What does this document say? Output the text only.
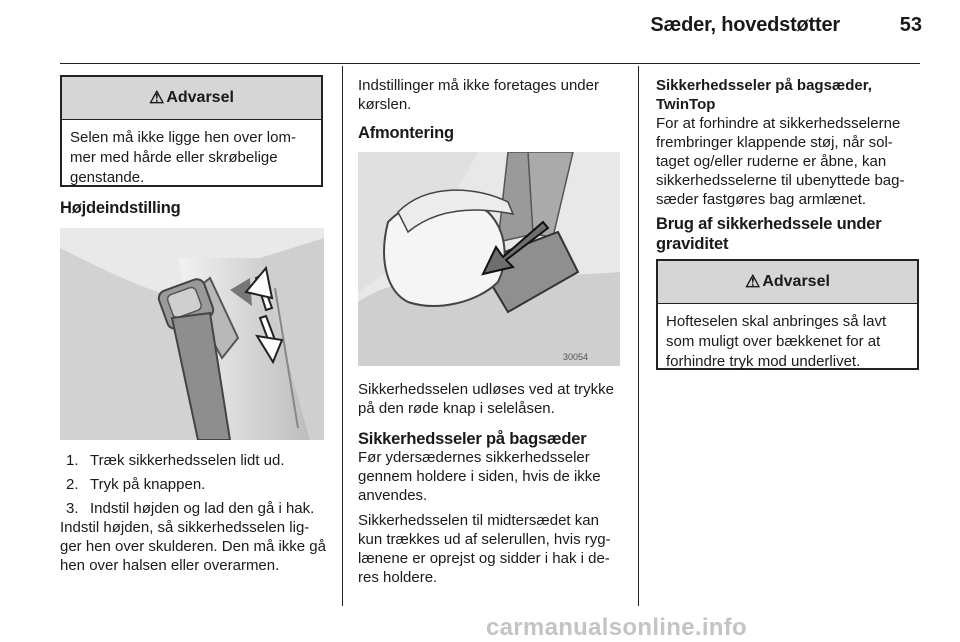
Sæder, hovedstøtter	53
⚠ Advarsel
Selen må ikke ligge hen over lom-mer med hårde eller skrøbelige genstande.
Højdeindstilling
1. Træk sikkerhedsselen lidt ud.
2. Tryk på knappen.
3. Indstil højden og lad den gå i hak.

Indstil højden, så sikkerhedsselen lig-ger hen over skulderen. Den må ikke gå hen over halsen eller overarmen.

Indstillinger må ikke foretages under kørslen.

Afmontering
30054

Sikkerhedsselen udløses ved at trykke på den røde knap i selelåsen.

Sikkerhedsseler på bagsæder

Før ydersædernes sikkerhedsseler gennem holdere i siden, hvis de ikke anvendes.

Sikkerhedsselen til midtersædet kan kun trækkes ud af selerullen, hvis ryg-lænene er oprejst og sidder i hak i de-res holdere.

Sikkerhedsseler på bagsæder, TwinTop

For at forhindre at sikkerhedsselerne frembringer klappende støj, når sol-taget og/eller ruderne er åbne, kan sikkerhedsselerne til ubenyttede bag-sæder fastgøres bag armlænet.

Brug af sikkerhedssele under graviditet
⚠ Advarsel
Hofteselen skal anbringes så lavt som muligt over bækkenet for at forhindre tryk mod underlivet.
carmanualsonline.info
